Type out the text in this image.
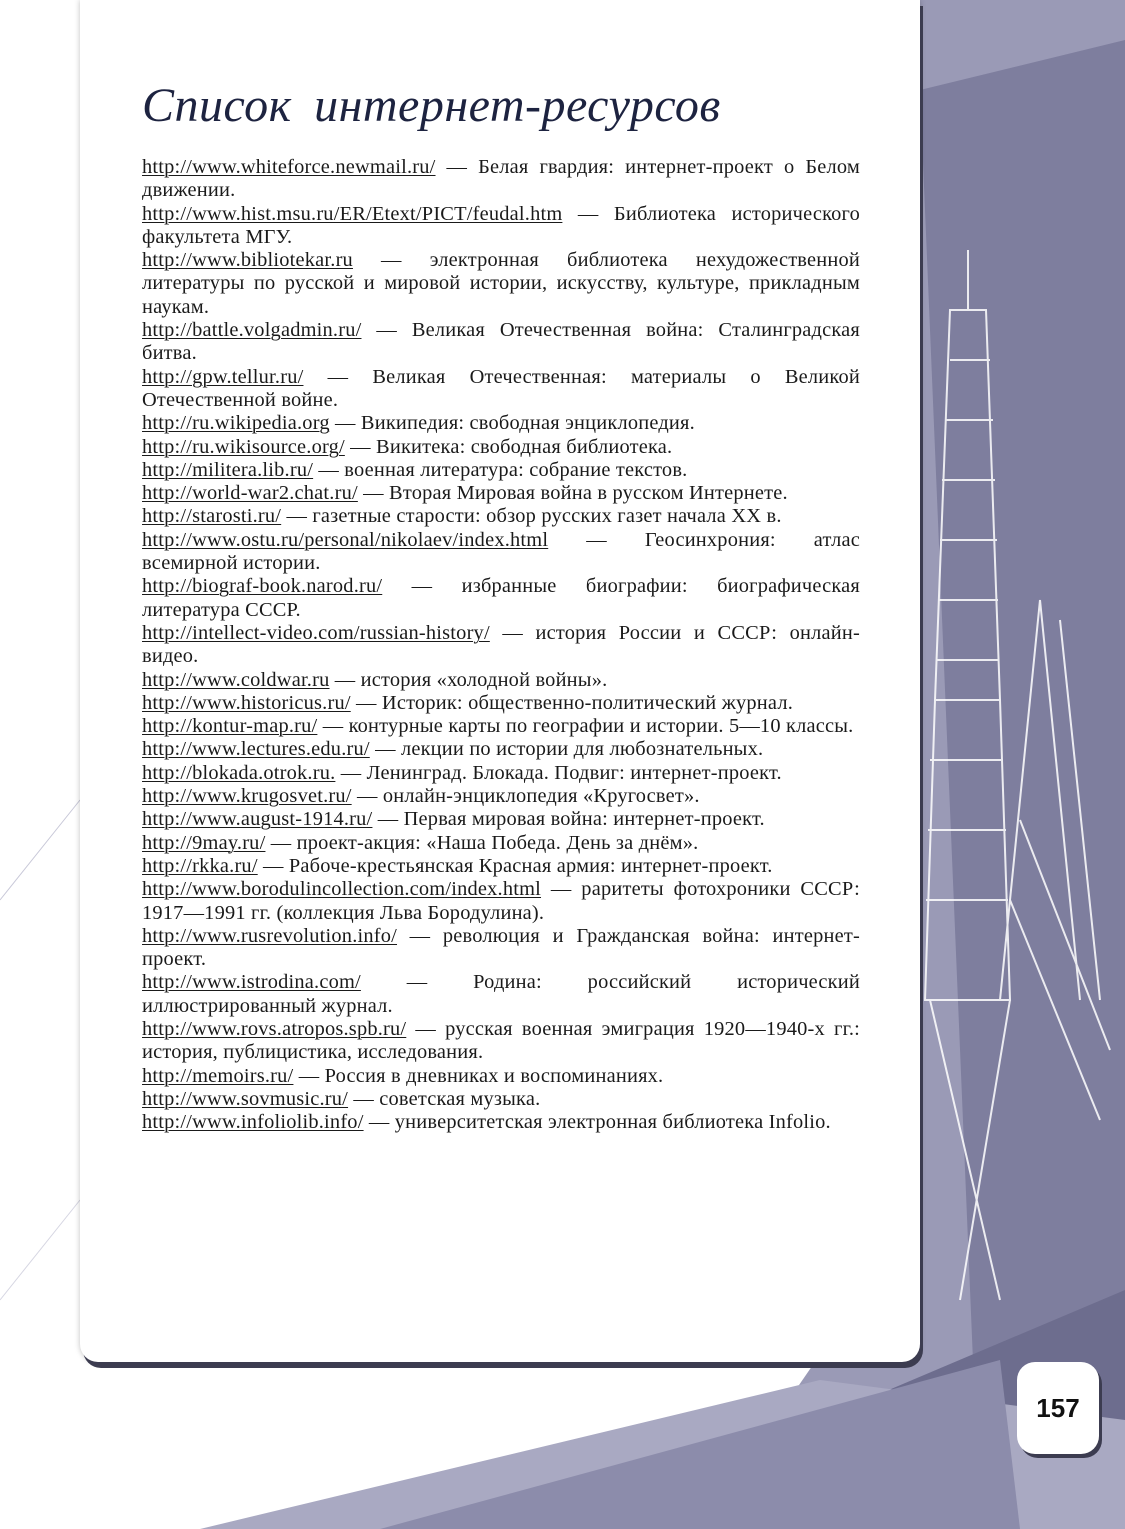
Список интернет-ресурсов
http://www.whiteforce.newmail.ru/ — Белая гвардия: интернет-проект о Белом движении.
http://www.hist.msu.ru/ER/Etext/PICT/feudal.htm — Библиотека исторического факультета МГУ.
http://www.bibliotekar.ru — электронная библиотека нехудожественной литературы по русской и мировой истории, искусству, культуре, прикладным наукам.
http://battle.volgadmin.ru/ — Великая Отечественная война: Сталинградская битва.
http://gpw.tellur.ru/ — Великая Отечественная: материалы о Великой Отечественной войне.
http://ru.wikipedia.org — Википедия: свободная энциклопедия.
http://ru.wikisource.org/ — Викитека: свободная библиотека.
http://militera.lib.ru/ — военная литература: собрание текстов.
http://world-war2.chat.ru/ — Вторая Мировая война в русском Интернете.
http://starosti.ru/ — газетные старости: обзор русских газет начала XX в.
http://www.ostu.ru/personal/nikolaev/index.html — Геосинхрония: атлас всемирной истории.
http://biograf-book.narod.ru/ — избранные биографии: биографическая литература СССР.
http://intellect-video.com/russian-history/ — история России и СССР: онлайн-видео.
http://www.coldwar.ru — история «холодной войны».
http://www.historicus.ru/ — Историк: общественно-политический журнал.
http://kontur-map.ru/ — контурные карты по географии и истории. 5—10 классы.
http://www.lectures.edu.ru/ — лекции по истории для любознательных.
http://blokada.otrok.ru. — Ленинград. Блокада. Подвиг: интернет-проект.
http://www.krugosvet.ru/ — онлайн-энциклопедия «Кругосвет».
http://www.august-1914.ru/ — Первая мировая война: интернет-проект.
http://9may.ru/ — проект-акция: «Наша Победа. День за днём».
http://rkka.ru/ — Рабоче-крестьянская Красная армия: интернет-проект.
http://www.borodulincollection.com/index.html — раритеты фотохроники СССР: 1917—1991 гг. (коллекция Льва Бородулина).
http://www.rusrevolution.info/ — революция и Гражданская война: интернет-проект.
http://www.istrodina.com/ — Родина: российский исторический иллюстрированный журнал.
http://www.rovs.atropos.spb.ru/ — русская военная эмиграция 1920—1940-х гг.: история, публицистика, исследования.
http://memoirs.ru/ — Россия в дневниках и воспоминаниях.
http://www.sovmusic.ru/ — советская музыка.
http://www.infoliolib.info/ — университетская электронная библиотека Infolio.
157
